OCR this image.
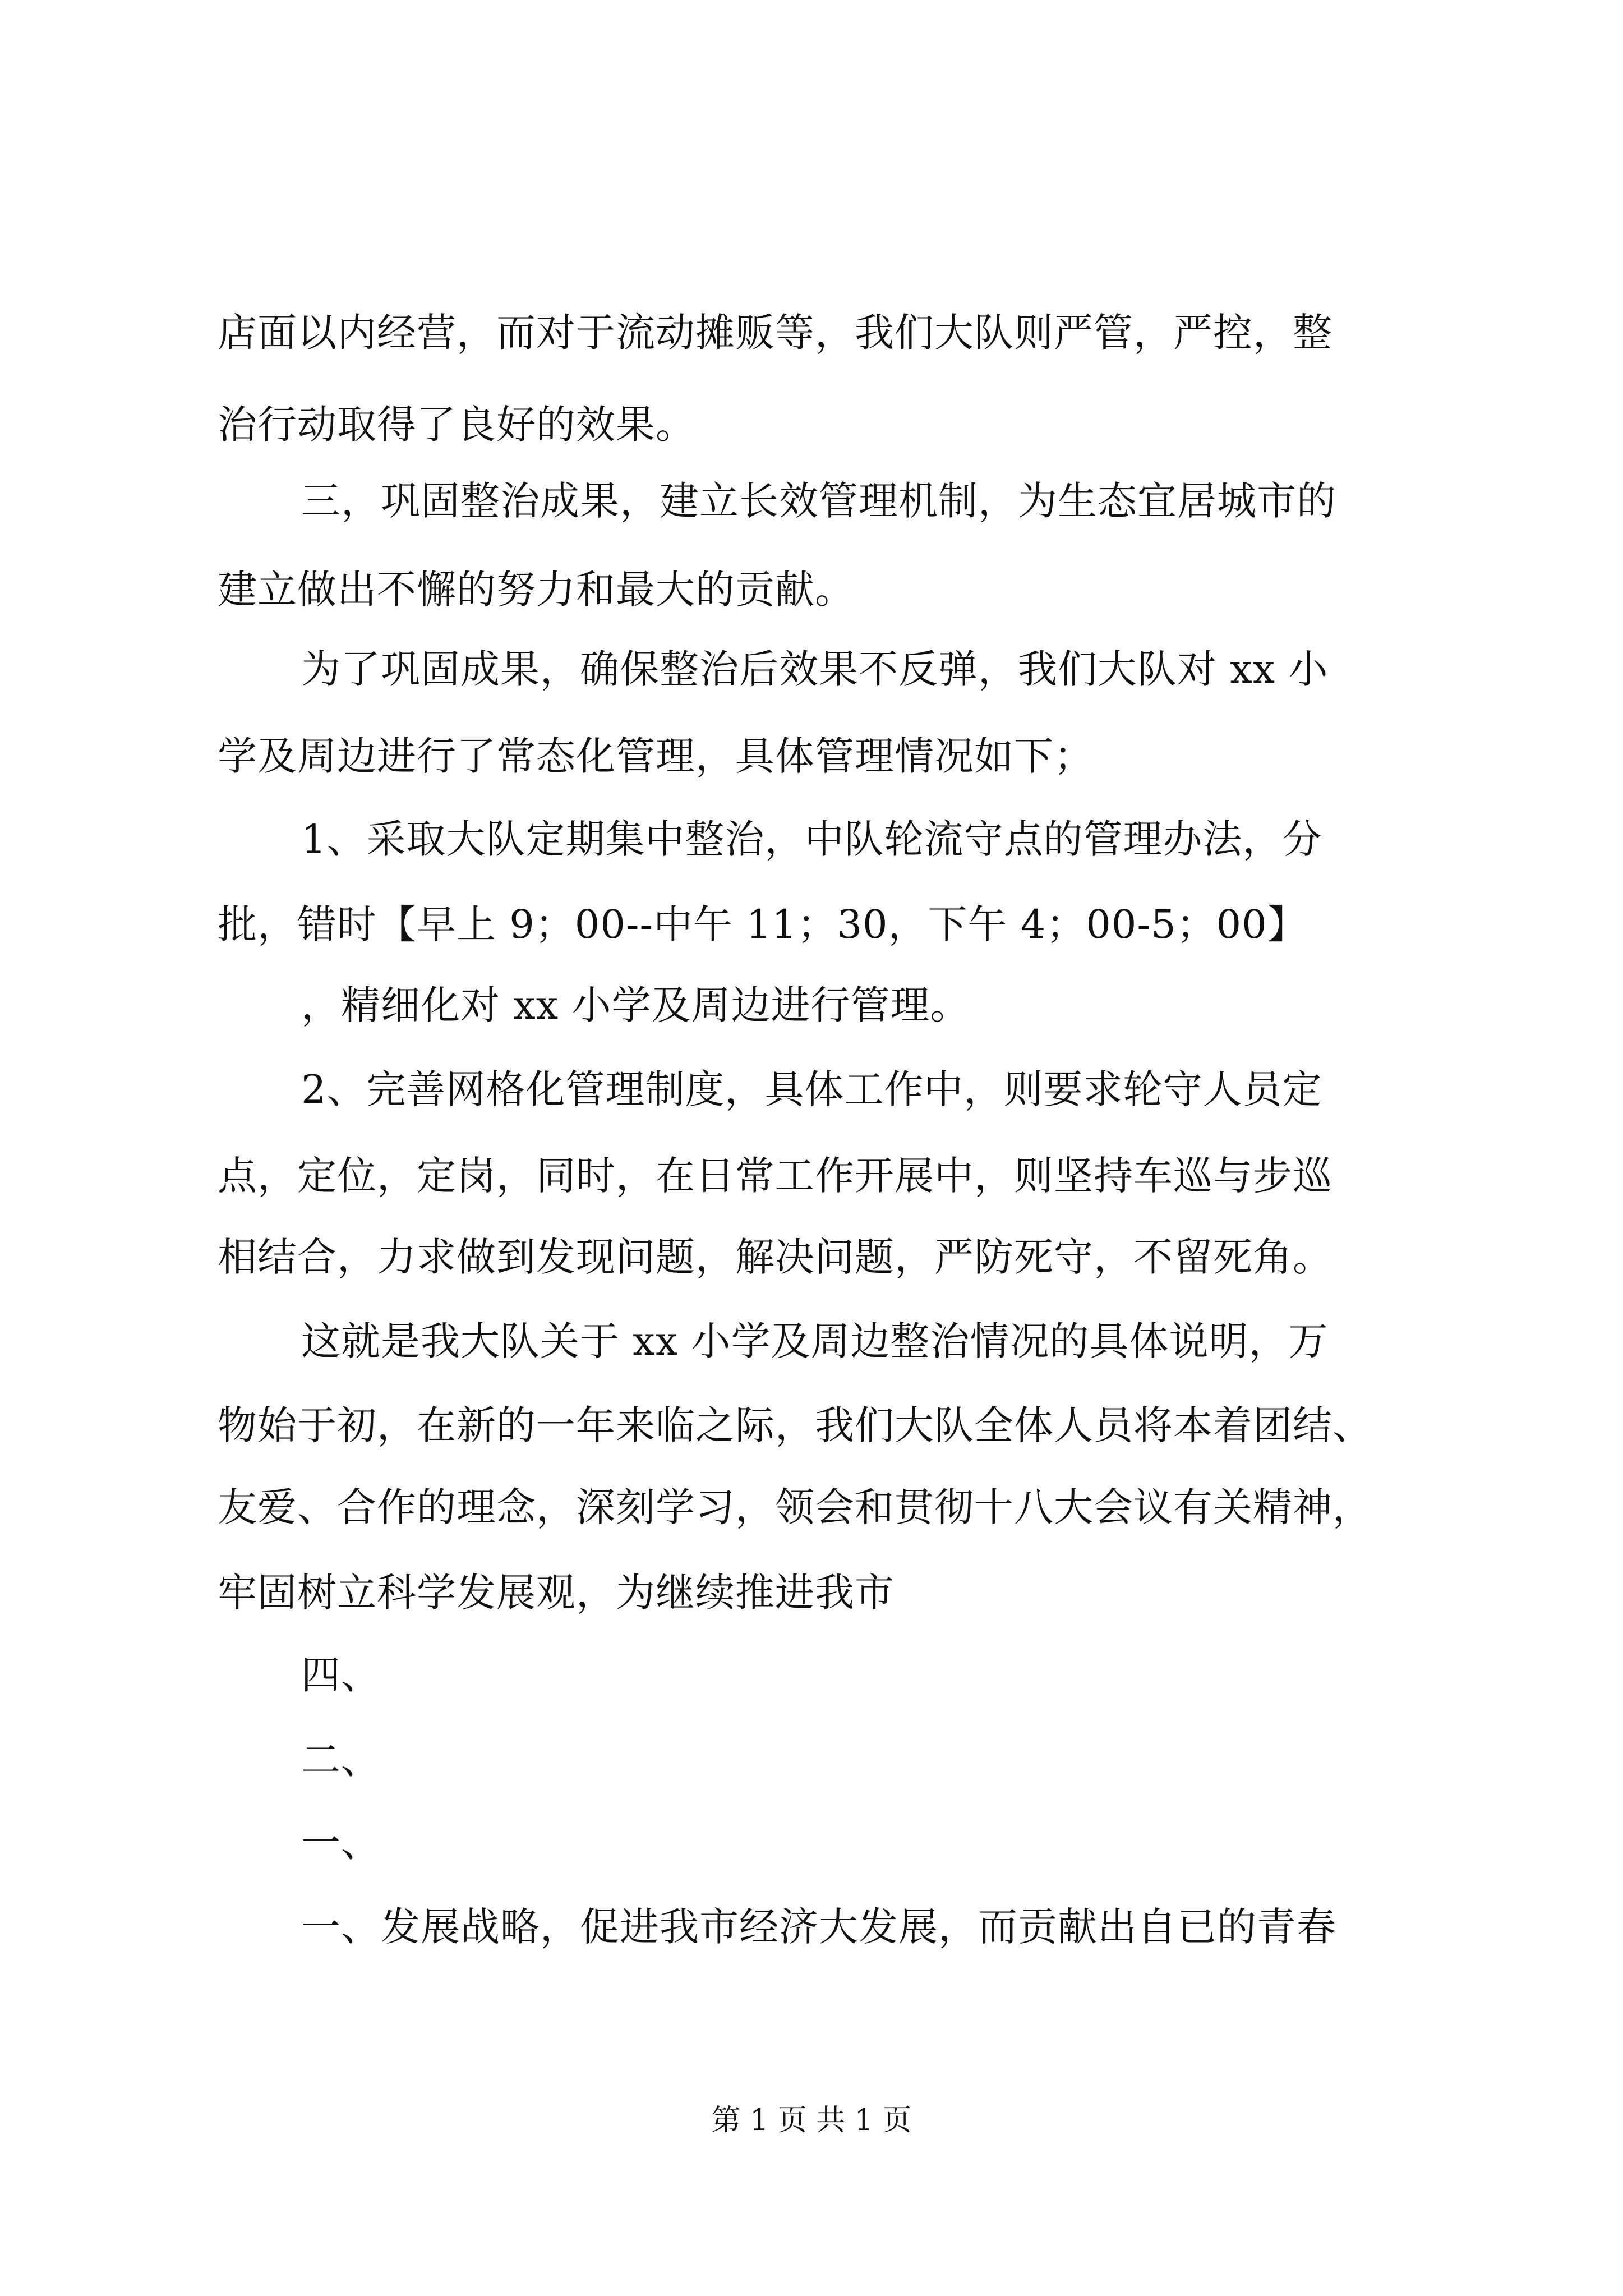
店面以内经营，而对于流动摊贩等，我们大队则严管，严控，整
治行动取得了良好的效果。
三，巩固整治成果，建立长效管理机制，为生态宜居城市的
建立做出不懈的努力和最大的贡献。
为了巩固成果，确保整治后效果不反弹，我们大队对 xx 小
学及周边进行了常态化管理，具体管理情况如下；
1、采取大队定期集中整治，中队轮流守点的管理办法，分
批，错时【早上 9；00--中午 11；30，下午 4；00-5；00】
，精细化对 xx 小学及周边进行管理。
2、完善网格化管理制度，具体工作中，则要求轮守人员定
点，定位，定岗，同时，在日常工作开展中，则坚持车巡与步巡
相结合，力求做到发现问题，解决问题，严防死守，不留死角。
这就是我大队关于 xx 小学及周边整治情况的具体说明，万
物始于初，在新的一年来临之际，我们大队全体人员将本着团结、
友爱、合作的理念，深刻学习，领会和贯彻十八大会议有关精神，
牢固树立科学发展观，为继续推进我市
四、
二、
一、
一、发展战略，促进我市经济大发展，而贡献出自已的青春
第 1 页 共 1 页
